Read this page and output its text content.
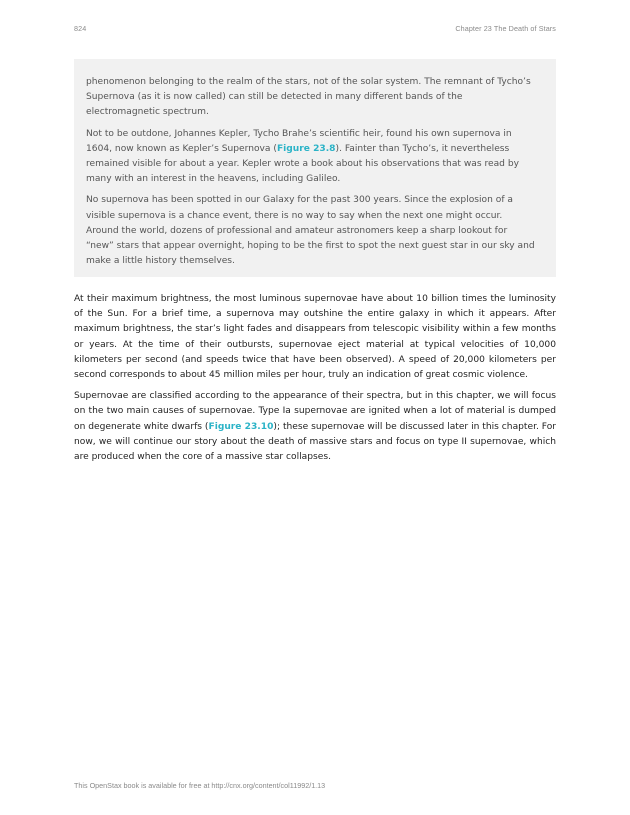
824	Chapter 23 The Death of Stars

phenomenon belonging to the realm of the stars, not of the solar system. The remnant of Tycho’s Supernova (as it is now called) can still be detected in many different bands of the electromagnetic spectrum.

Not to be outdone, Johannes Kepler, Tycho Brahe’s scientific heir, found his own supernova in 1604, now known as Kepler’s Supernova (Figure 23.8). Fainter than Tycho’s, it nevertheless remained visible for about a year. Kepler wrote a book about his observations that was read by many with an interest in the heavens, including Galileo.

No supernova has been spotted in our Galaxy for the past 300 years. Since the explosion of a visible supernova is a chance event, there is no way to say when the next one might occur. Around the world, dozens of professional and amateur astronomers keep a sharp lookout for “new” stars that appear overnight, hoping to be the first to spot the next guest star in our sky and make a little history themselves.

At their maximum brightness, the most luminous supernovae have about 10 billion times the luminosity of the Sun. For a brief time, a supernova may outshine the entire galaxy in which it appears. After maximum brightness, the star’s light fades and disappears from telescopic visibility within a few months or years. At the time of their outbursts, supernovae eject material at typical velocities of 10,000 kilometers per second (and speeds twice that have been observed). A speed of 20,000 kilometers per second corresponds to about 45 million miles per hour, truly an indication of great cosmic violence.

Supernovae are classified according to the appearance of their spectra, but in this chapter, we will focus on the two main causes of supernovae. Type Ia supernovae are ignited when a lot of material is dumped on degenerate white dwarfs (Figure 23.10); these supernovae will be discussed later in this chapter. For now, we will continue our story about the death of massive stars and focus on type II supernovae, which are produced when the core of a massive star collapses.

This OpenStax book is available for free at http://cnx.org/content/col11992/1.13
